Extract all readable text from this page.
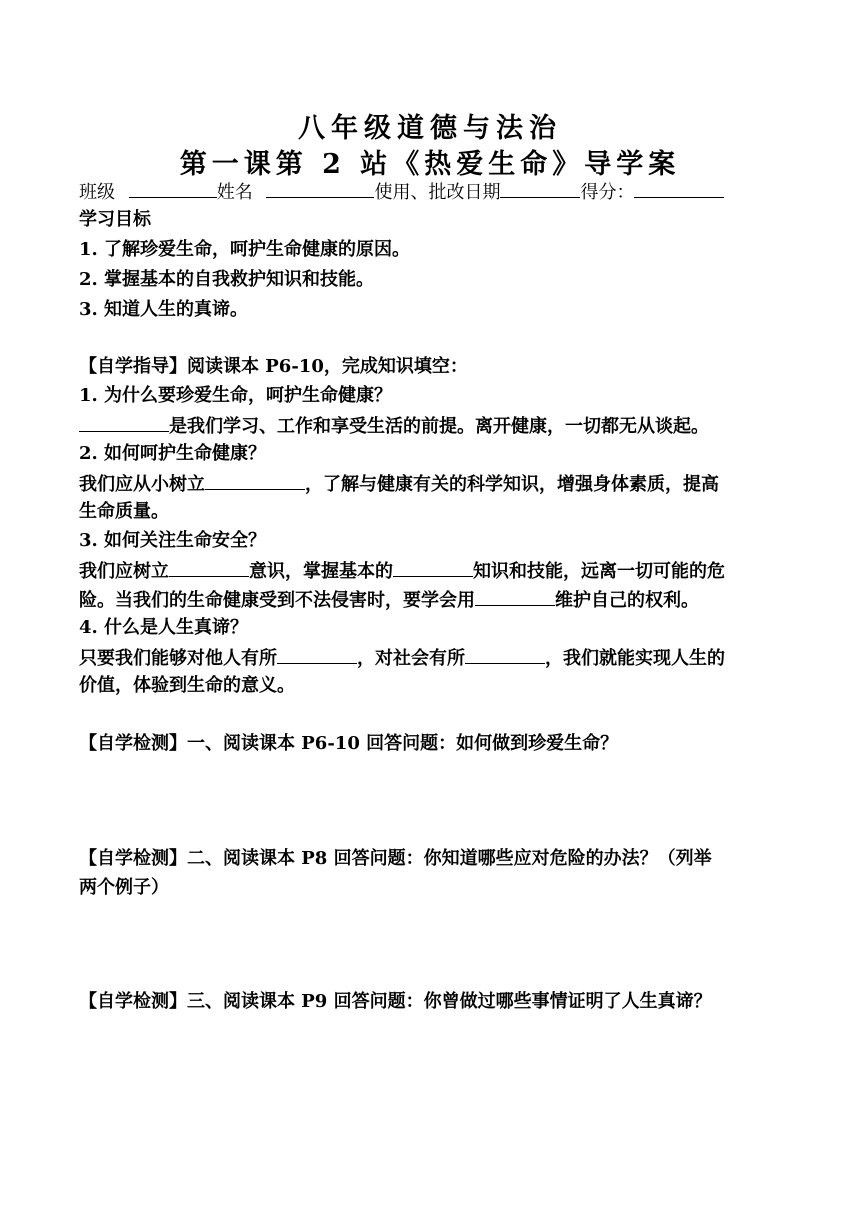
八年级道德与法治
第一课第 2 站《热爱生命》导学案
班级	姓名	使用、批改日期	得分：
学习目标
1. 了解珍爱生命，呵护生命健康的原因。
2. 掌握基本的自我救护知识和技能。
3. 知道人生的真谛。
【自学指导】阅读课本 P6-10，完成知识填空：
1. 为什么要珍爱生命，呵护生命健康？
是我们学习、工作和享受生活的前提。离开健康，一切都无从谈起。
2. 如何呵护生命健康？
我们应从小树立	，了解与健康有关的科学知识，增强身体素质，提高
生命质量。
3. 如何关注生命安全？
我们应树立	意识，掌握基本的	知识和技能，远离一切可能的危
险。当我们的生命健康受到不法侵害时，要学会用	维护自己的权利。
4. 什么是人生真谛？
只要我们能够对他人有所	，对社会有所	，我们就能实现人生的
价值，体验到生命的意义。
【自学检测】一、阅读课本 P6-10 回答问题：如何做到珍爱生命？
【自学检测】二、阅读课本 P8 回答问题：你知道哪些应对危险的办法？（列举
两个例子）
【自学检测】三、阅读课本 P9 回答问题：你曾做过哪些事情证明了人生真谛？
